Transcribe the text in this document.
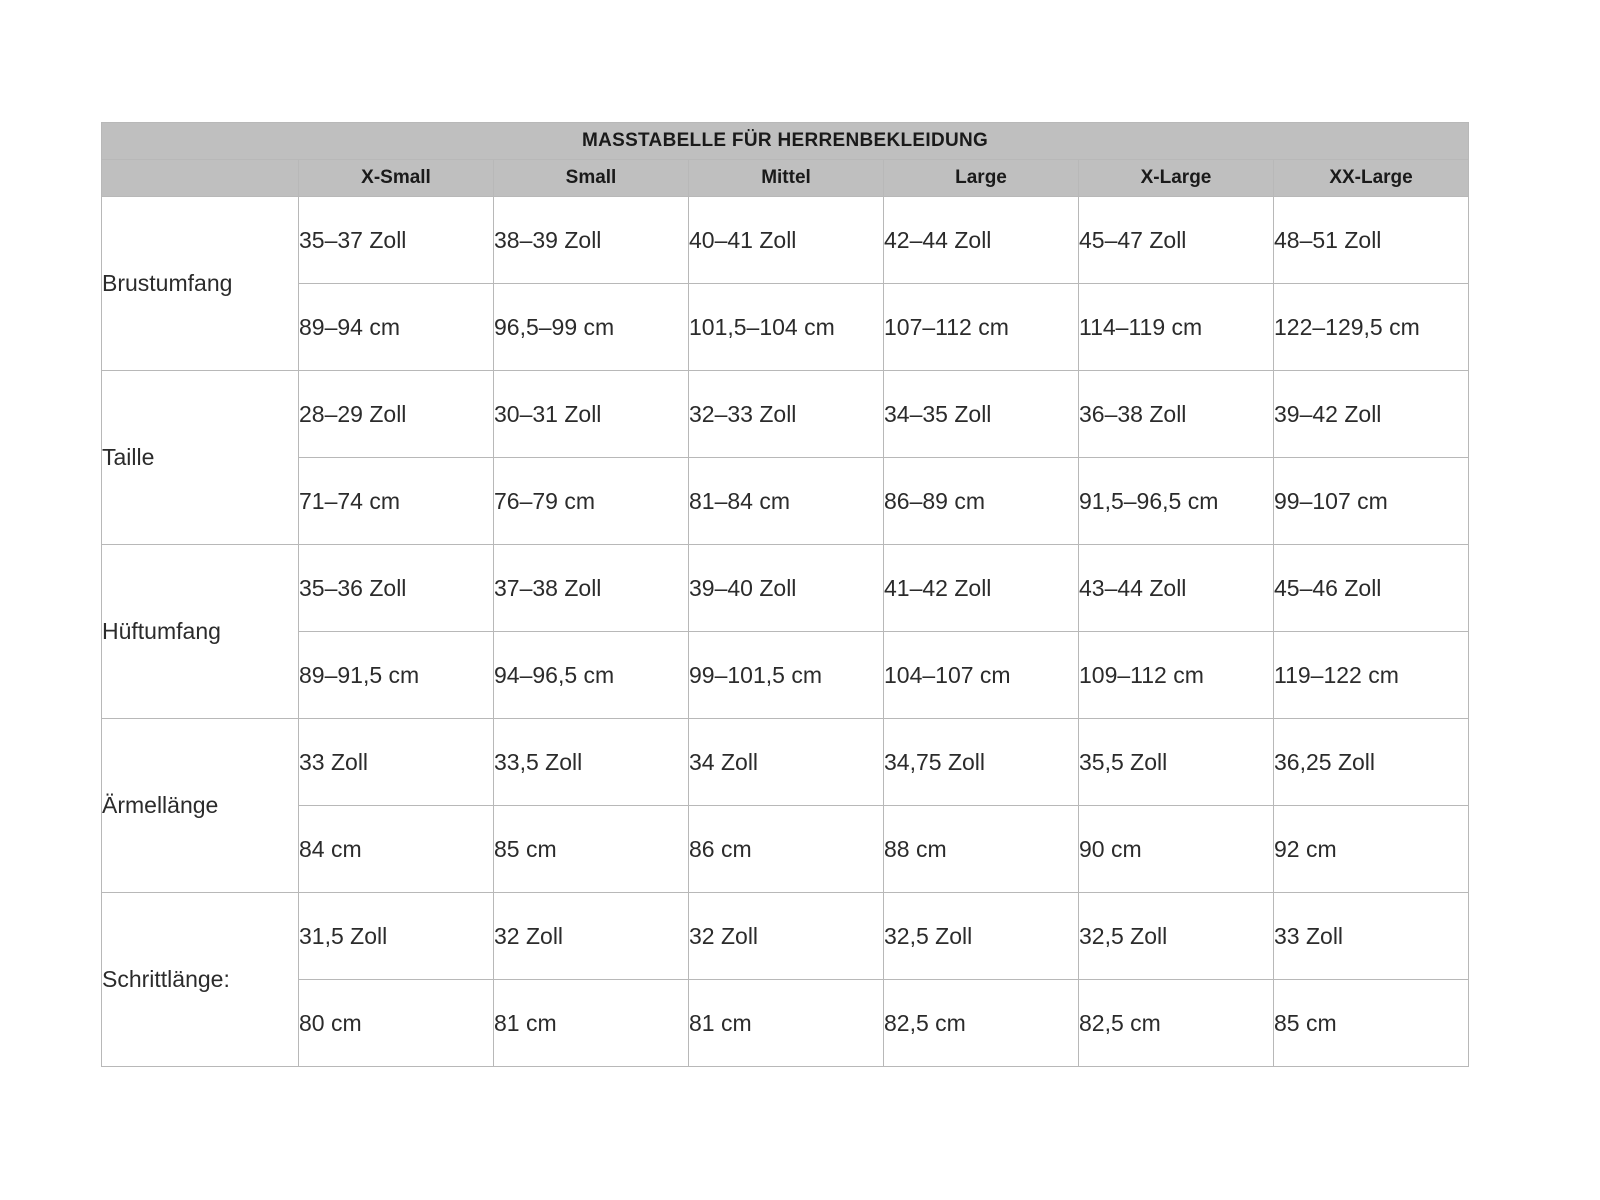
MASSTABELLE FÜR HERRENBEKLEIDUNG						
	X-Small	Small	Mittel	Large	X-Large	XX-Large
Brustumfang	35–37 Zoll	38–39 Zoll	40–41 Zoll	42–44 Zoll	45–47 Zoll	48–51 Zoll
	89–94 cm	96,5–99 cm	101,5–104 cm	107–112 cm	114–119 cm	122–129,5 cm
Taille	28–29 Zoll	30–31 Zoll	32–33 Zoll	34–35 Zoll	36–38 Zoll	39–42 Zoll
	71–74 cm	76–79 cm	81–84 cm	86–89 cm	91,5–96,5 cm	99–107 cm
Hüftumfang	35–36 Zoll	37–38 Zoll	39–40 Zoll	41–42 Zoll	43–44 Zoll	45–46 Zoll
	89–91,5 cm	94–96,5 cm	99–101,5 cm	104–107 cm	109–112 cm	119–122 cm
Ärmellänge	33 Zoll	33,5 Zoll	34 Zoll	34,75 Zoll	35,5 Zoll	36,25 Zoll
	84 cm	85 cm	86 cm	88 cm	90 cm	92 cm
Schrittlänge:	31,5 Zoll	32 Zoll	32 Zoll	32,5 Zoll	32,5 Zoll	33 Zoll
	80 cm	81 cm	81 cm	82,5 cm	82,5 cm	85 cm
